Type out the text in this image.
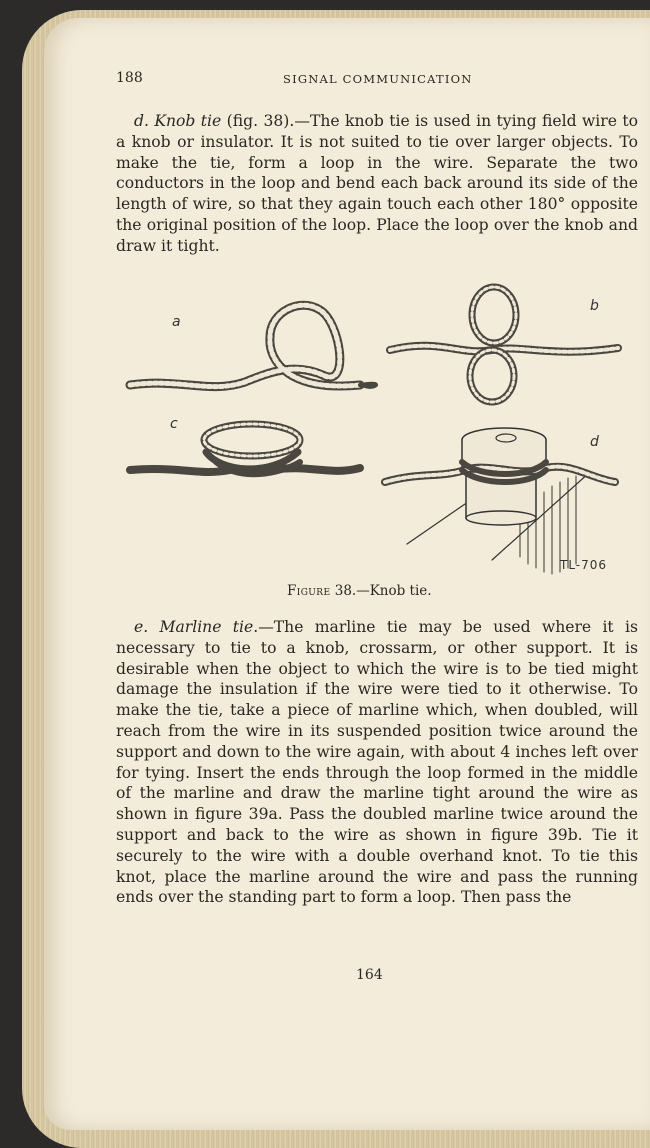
188	SIGNAL COMMUNICATION
d. Knob tie (fig. 38).—The knob tie is used in tying field wire to a knob or insulator. It is not suited to tie over larger objects. To make the tie, form a loop in the wire. Separate the two conductors in the loop and bend each back around its side of the length of wire, so that they again touch each other 180° opposite the original position of the loop. Place the loop over the knob and draw it tight.
a
b
c
d
TL-706
Figure 38.—Knob tie.
e. Marline tie.—The marline tie may be used where it is necessary to tie to a knob, crossarm, or other support. It is desirable when the object to which the wire is to be tied might damage the insulation if the wire were tied to it otherwise. To make the tie, take a piece of marline which, when doubled, will reach from the wire in its suspended position twice around the support and down to the wire again, with about 4 inches left over for tying. Insert the ends through the loop formed in the middle of the marline and draw the marline tight around the wire as shown in figure 39a. Pass the doubled marline twice around the support and back to the wire as shown in figure 39b. Tie it securely to the wire with a double overhand knot. To tie this knot, place the marline around the wire and pass the running ends over the standing part to form a loop. Then pass the
164
